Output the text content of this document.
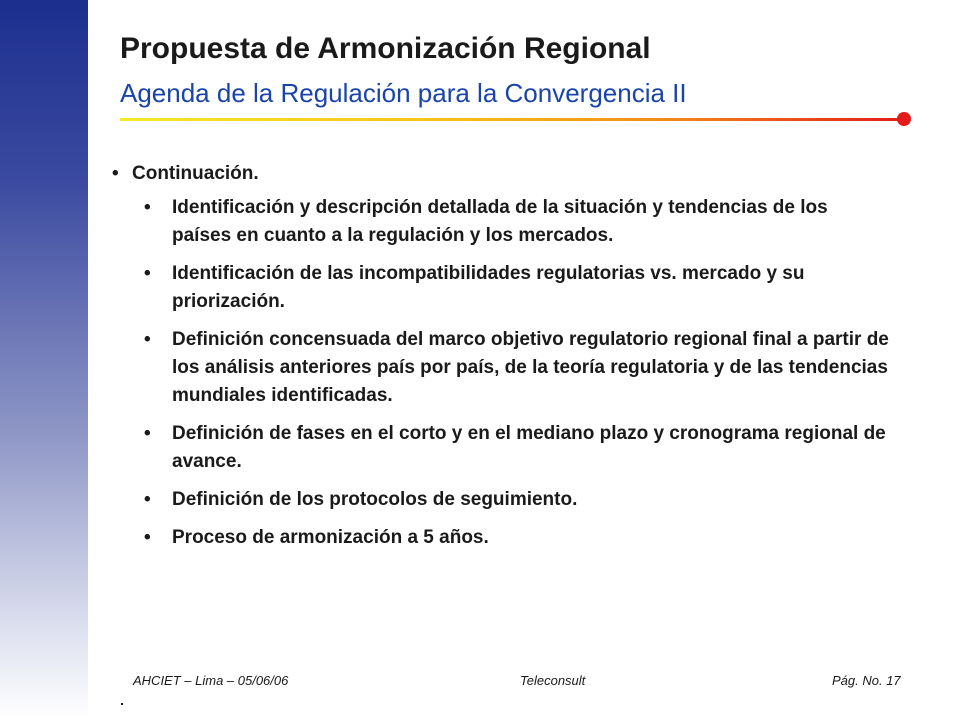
Propuesta de Armonización Regional
Agenda de la Regulación para la Convergencia II
• Continuación.
• Identificación y descripción detallada de la situación y tendencias de los países en cuanto a la regulación y los mercados.
• Identificación de las incompatibilidades regulatorias vs. mercado y su priorización.
• Definición concensuada del marco objetivo regulatorio regional final a partir de los análisis anteriores país por país, de la teoría regulatoria y de las tendencias mundiales identificadas.
• Definición de fases en el corto y en el mediano plazo y cronograma regional de avance.
• Definición de los protocolos de seguimiento.
• Proceso de armonización a 5 años.
AHCIET – Lima – 05/06/06	Teleconsult	Pág. No. 17
